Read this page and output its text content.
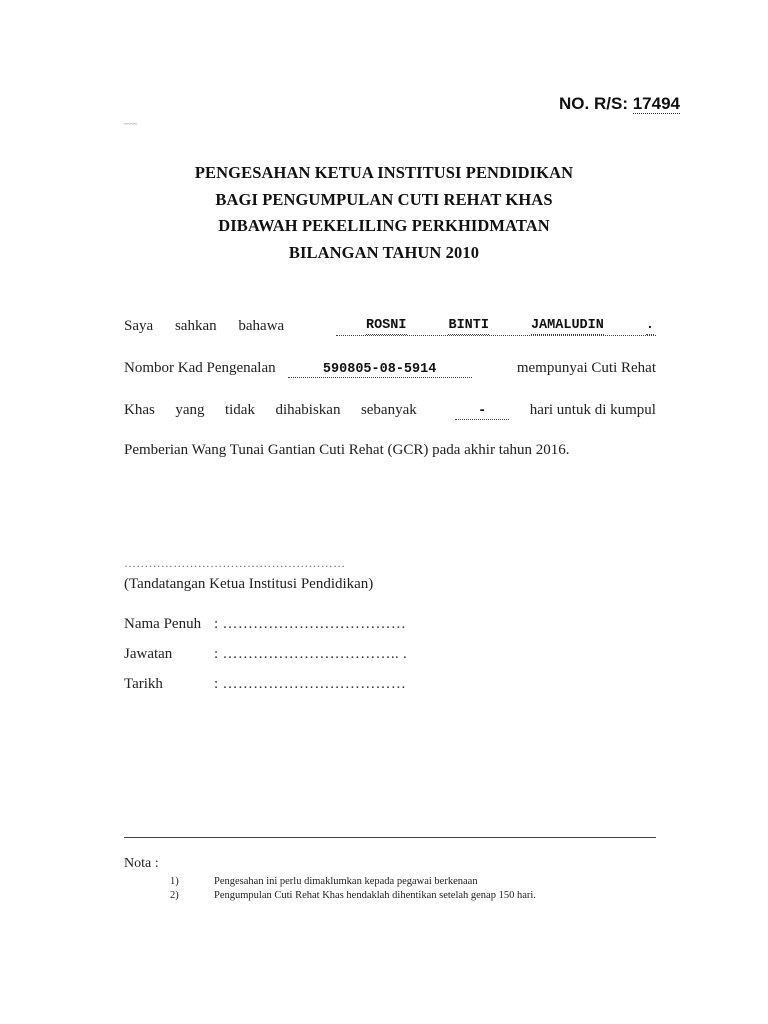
NO. R/S: 17494
~~~~
PENGESAHAN KETUA INSTITUSI PENDIDIKAN
BAGI PENGUMPULAN CUTI REHAT KHAS
DIBAWAH PEKELILING PERKHIDMATAN
BILANGAN TAHUN 2010
Saya sahkan bahawa	ROSNI	BINTI	JAMALUDIN	.
Nombor Kad Pengenalan	590805-08-5914	mempunyai Cuti Rehat
Khas yang tidak dihabiskan sebanyak	-	hari untuk di kumpul
Pemberian Wang Tunai Gantian Cuti Rehat (GCR) pada akhir tahun 2016.
………………………………………………
(Tandatangan Ketua Institusi Pendidikan)
Nama Penuh : ………………………………
Jawatan	: …………………………….. .
Tarikh	: ………………………………
Nota :
1)	Pengesahan ini perlu dimaklumkan kepada pegawai berkenaan
2)	Pengumpulan Cuti Rehat Khas hendaklah dihentikan setelah genap 150 hari.
